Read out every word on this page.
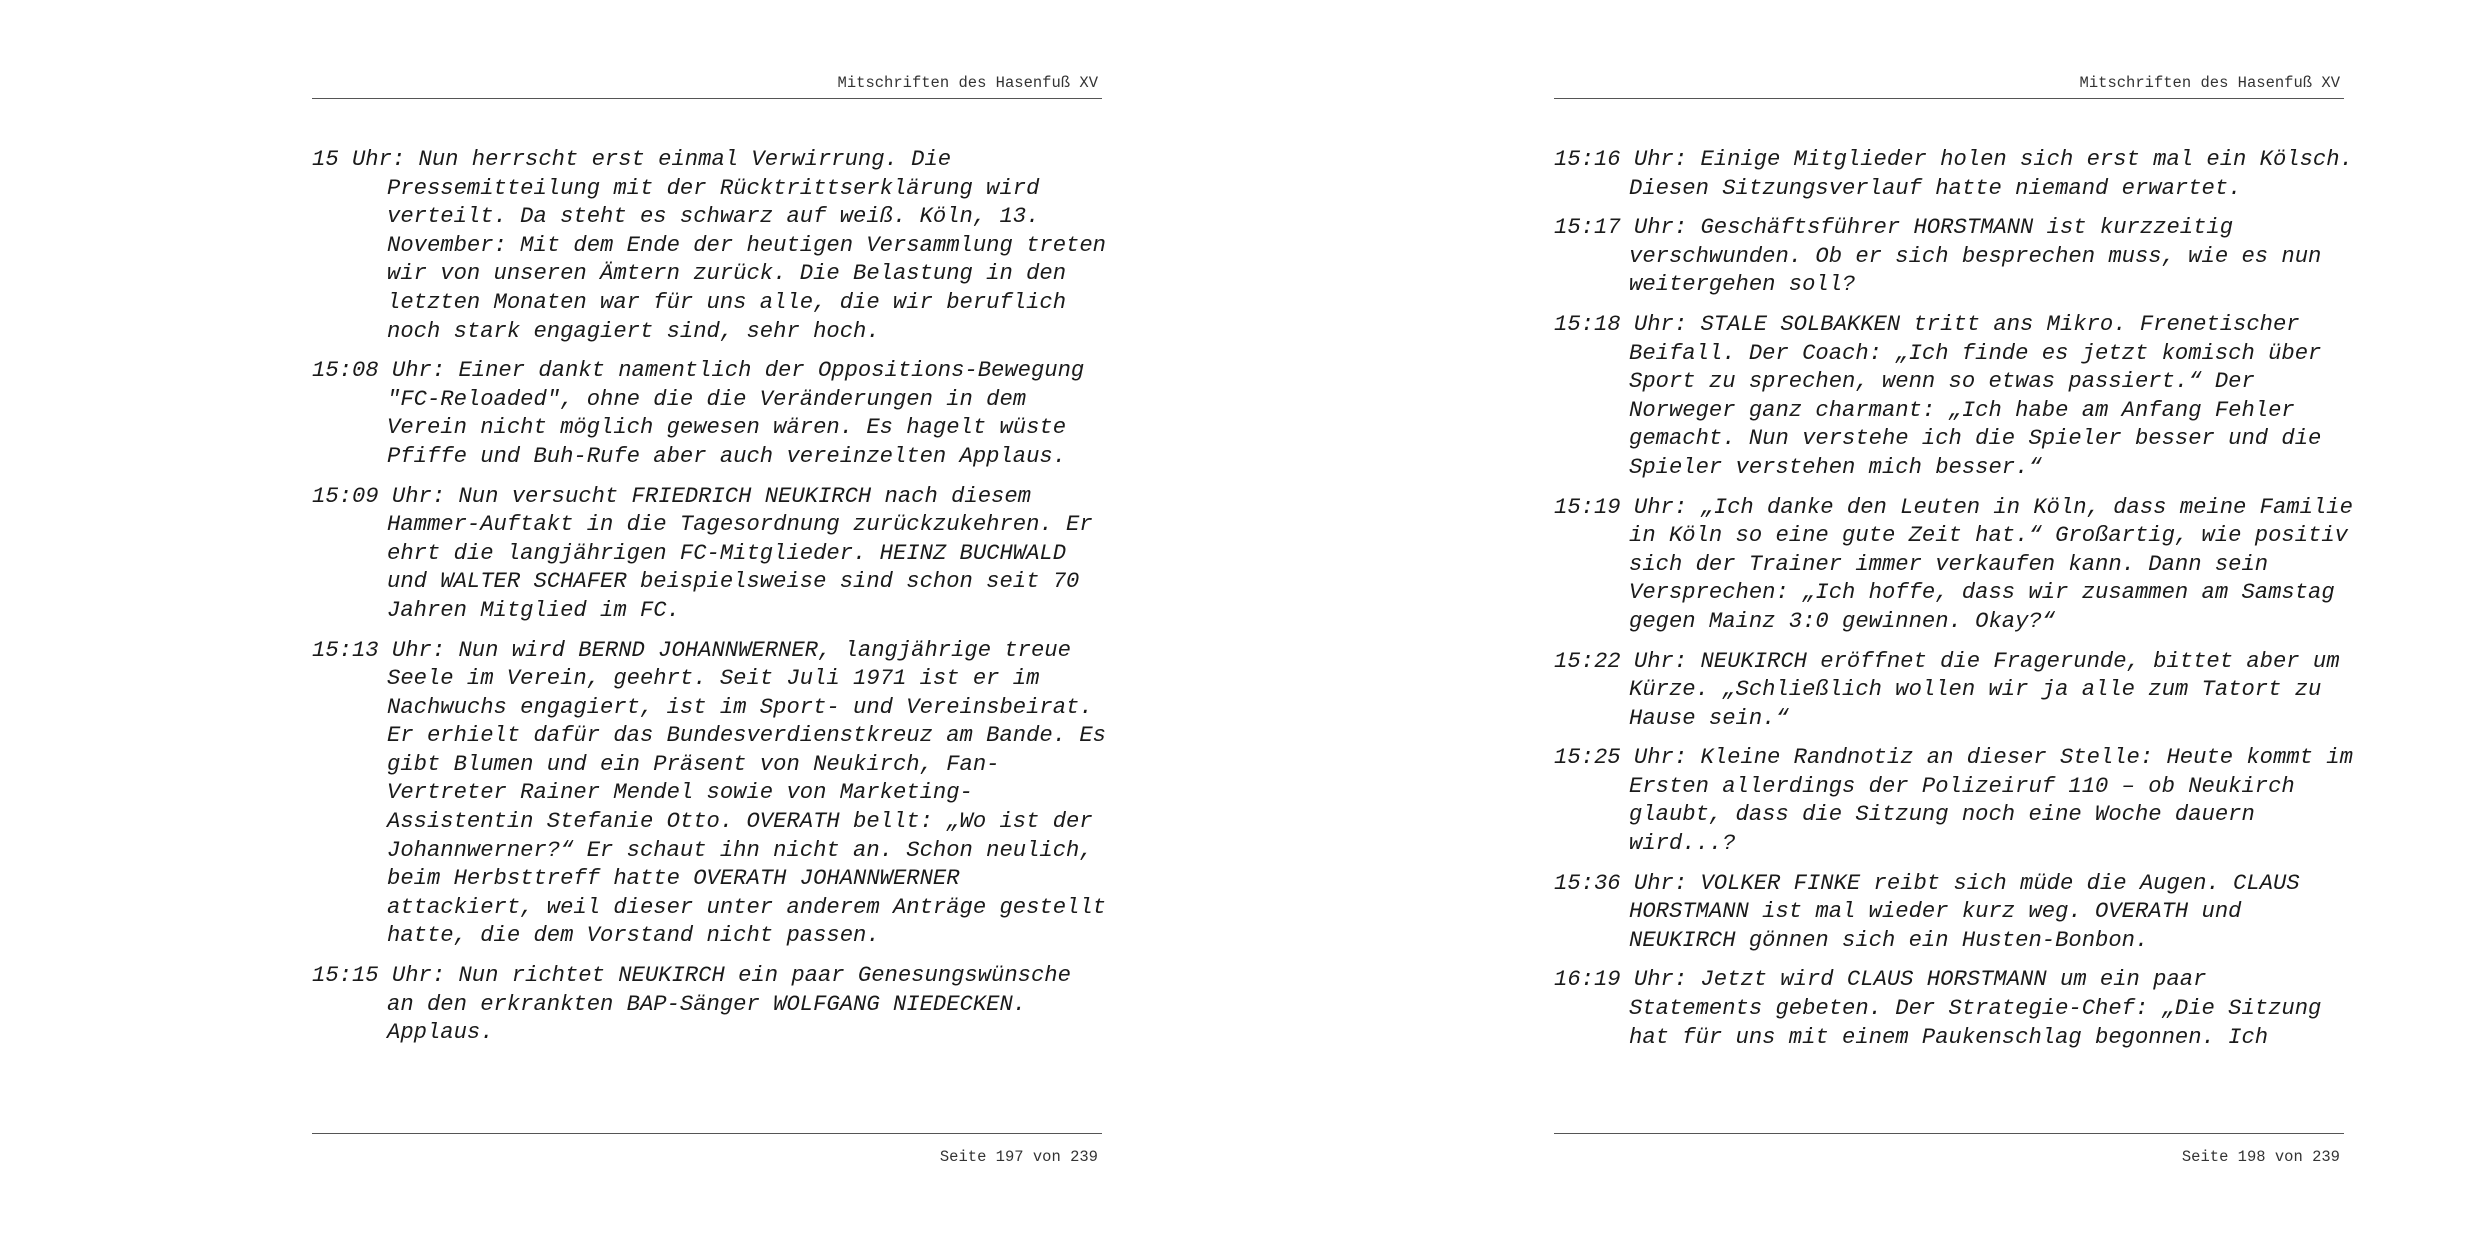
Mitschriften des Hasenfuß XV

15 Uhr: Nun herrscht erst einmal Verwirrung. Die
Pressemitteilung mit der Rücktrittserklärung wird
verteilt. Da steht es schwarz auf weiß. Köln, 13.
November: Mit dem Ende der heutigen Versammlung treten
wir von unseren Ämtern zurück. Die Belastung in den
letzten Monaten war für uns alle, die wir beruflich
noch stark engagiert sind, sehr hoch.

15:08 Uhr: Einer dankt namentlich der Oppositions-Bewegung
"FC-Reloaded", ohne die die Veränderungen in dem
Verein nicht möglich gewesen wären. Es hagelt wüste
Pfiffe und Buh-Rufe aber auch vereinzelten Applaus.

15:09 Uhr: Nun versucht FRIEDRICH NEUKIRCH nach diesem
Hammer-Auftakt in die Tagesordnung zurückzukehren. Er
ehrt die langjährigen FC-Mitglieder. HEINZ BUCHWALD
und WALTER SCHAFER beispielsweise sind schon seit 70
Jahren Mitglied im FC.

15:13 Uhr: Nun wird BERND JOHANNWERNER, langjährige treue
Seele im Verein, geehrt. Seit Juli 1971 ist er im
Nachwuchs engagiert, ist im Sport- und Vereinsbeirat.
Er erhielt dafür das Bundesverdienstkreuz am Bande. Es
gibt Blumen und ein Präsent von Neukirch, Fan-
Vertreter Rainer Mendel sowie von Marketing-
Assistentin Stefanie Otto. OVERATH bellt: „Wo ist der
Johannwerner?“ Er schaut ihn nicht an. Schon neulich,
beim Herbsttreff hatte OVERATH JOHANNWERNER
attackiert, weil dieser unter anderem Anträge gestellt
hatte, die dem Vorstand nicht passen.

15:15 Uhr: Nun richtet NEUKIRCH ein paar Genesungswünsche
an den erkrankten BAP-Sänger WOLFGANG NIEDECKEN.
Applaus.

Seite 197 von 239
Mitschriften des Hasenfuß XV

15:16 Uhr: Einige Mitglieder holen sich erst mal ein Kölsch.
Diesen Sitzungsverlauf hatte niemand erwartet.

15:17 Uhr: Geschäftsführer HORSTMANN ist kurzzeitig
verschwunden. Ob er sich besprechen muss, wie es nun
weitergehen soll?

15:18 Uhr: STALE SOLBAKKEN tritt ans Mikro. Frenetischer
Beifall. Der Coach: „Ich finde es jetzt komisch über
Sport zu sprechen, wenn so etwas passiert.“ Der
Norweger ganz charmant: „Ich habe am Anfang Fehler
gemacht. Nun verstehe ich die Spieler besser und die
Spieler verstehen mich besser.“

15:19 Uhr: „Ich danke den Leuten in Köln, dass meine Familie
in Köln so eine gute Zeit hat.“ Großartig, wie positiv
sich der Trainer immer verkaufen kann. Dann sein
Versprechen: „Ich hoffe, dass wir zusammen am Samstag
gegen Mainz 3:0 gewinnen. Okay?“

15:22 Uhr: NEUKIRCH eröffnet die Fragerunde, bittet aber um
Kürze. „Schließlich wollen wir ja alle zum Tatort zu
Hause sein.“

15:25 Uhr: Kleine Randnotiz an dieser Stelle: Heute kommt im
Ersten allerdings der Polizeiruf 110 – ob Neukirch
glaubt, dass die Sitzung noch eine Woche dauern
wird...?

15:36 Uhr: VOLKER FINKE reibt sich müde die Augen. CLAUS
HORSTMANN ist mal wieder kurz weg. OVERATH und
NEUKIRCH gönnen sich ein Husten-Bonbon.

16:19 Uhr: Jetzt wird CLAUS HORSTMANN um ein paar
Statements gebeten. Der Strategie-Chef: „Die Sitzung
hat für uns mit einem Paukenschlag begonnen. Ich

Seite 198 von 239
